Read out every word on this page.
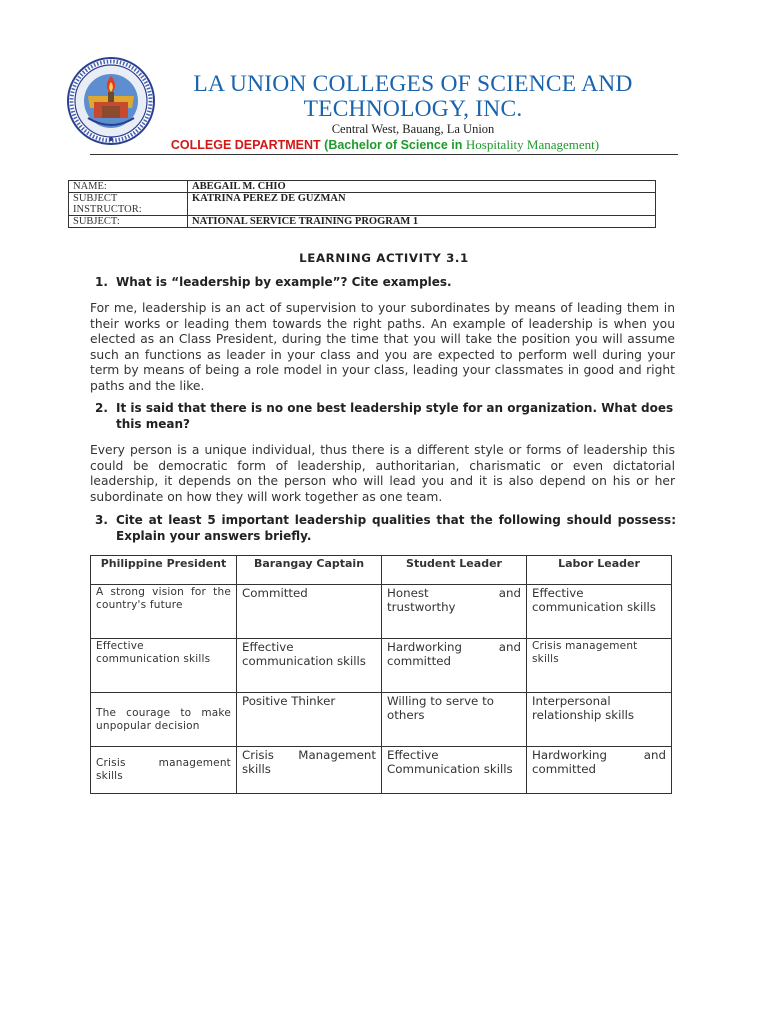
LA UNION COLLEGES OF SCIENCE AND TECHNOLOGY, INC.
Central West, Bauang, La Union
COLLEGE DEPARTMENT (Bachelor of Science in Hospitality Management)
NAME:	ABEGAIL M. CHIO
SUBJECT INSTRUCTOR:	KATRINA PEREZ DE GUZMAN
SUBJECT:	NATIONAL SERVICE TRAINING PROGRAM 1
LEARNING ACTIVITY 3.1
1. What is “leadership by example”? Cite examples.
For me, leadership is an act of supervision to your subordinates by means of leading them in their works or leading them towards the right paths. An example of leadership is when you elected as an Class President, during the time that you will take the position you will assume such an functions as leader in your class and you are expected to perform well during your term by means of being a role model in your class, leading your classmates in good and right paths and the like.
2. It is said that there is no one best leadership style for an organization. What does this mean?
Every person is a unique individual, thus there is a different style or forms of leadership this could be democratic form of leadership, authoritarian, charismatic or even dictatorial leadership, it depends on the person who will lead you and it is also depend on his or her subordinate on how they will work together as one team.
3. Cite at least 5 important leadership qualities that the following should possess: Explain your answers briefly.
Philippine President	Barangay Captain	Student Leader	Labor Leader
A strong vision for the country's future	Committed	Honest and trustworthy	Effective communication skills
Effective communication skills	Effective communication skills	Hardworking and committed	Crisis management skills
The courage to make unpopular decision	Positive Thinker	Willing to serve to others	Interpersonal relationship skills
Crisis management skills	Crisis Management skills	Effective Communication skills	Hardworking and committed
